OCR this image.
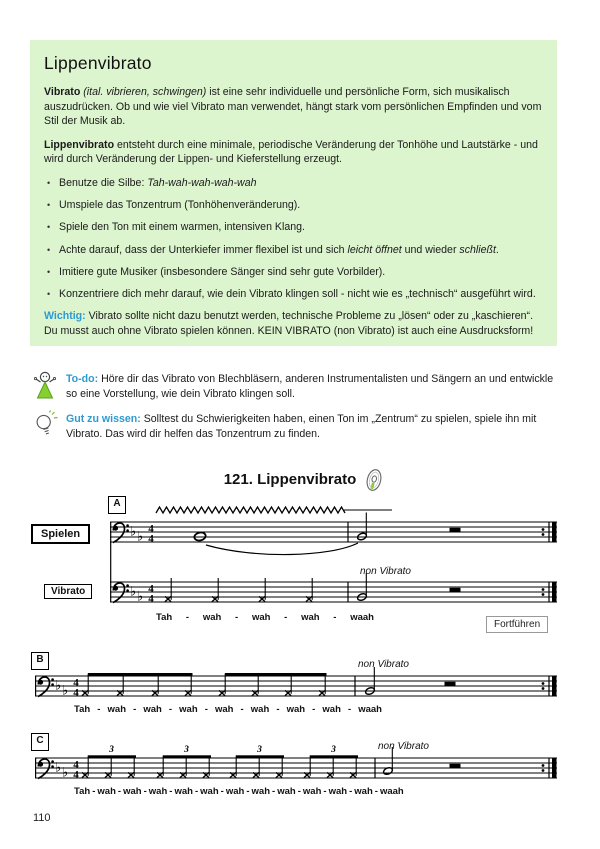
Lippenvibrato

Vibrato (ital. vibrieren, schwingen) ist eine sehr individuelle und persönliche Form, sich musikalisch auszudrücken. Ob und wie viel Vibrato man verwendet, hängt stark vom persönlichen Empfinden und vom Stil der Musik ab.

Lippenvibrato entsteht durch eine minimale, periodische Veränderung der Tonhöhe und Lautstärke - und wird durch Veränderung der Lippen- und Kieferstellung erzeugt.

• Benutze die Silbe: Tah-wah-wah-wah-wah
• Umspiele das Tonzentrum (Tonhöhenveränderung).
• Spiele den Ton mit einem warmen, intensiven Klang.
• Achte darauf, dass der Unterkiefer immer flexibel ist und sich leicht öffnet und wieder schließt.
• Imitiere gute Musiker (insbesondere Sänger sind sehr gute Vorbilder).
• Konzentriere dich mehr darauf, wie dein Vibrato klingen soll - nicht wie es „technisch“ ausgeführt wird.

Wichtig: Vibrato sollte nicht dazu benutzt werden, technische Probleme zu „lösen“ oder zu „kaschieren“. Du musst auch ohne Vibrato spielen können. KEIN VIBRATO (non Vibrato) ist auch eine Ausdrucksform!

To-do: Höre dir das Vibrato von Blechbläsern, anderen Instrumentalisten und Sängern an und entwickle so eine Vorstellung, wie dein Vibrato klingen soll.
Gut zu wissen: Solltest du Schwierigkeiten haben, einen Ton im „Zentrum“ zu spielen, spiele ihn mit Vibrato. Das wird dir helfen das Tonzentrum zu finden.
121. Lippenvibrato
♭ ♭
4
4
non Vibrato
non Vibrato
3	3	3	3	non Vibrato
A
Spielen
Vibrato
Fortführen
B
C
Tah - wah - wah - wah - waah
Tah - wah - wah - wah - wah - wah - wah - wah - waah
Tah - wah - wah - wah - wah - wah - wah - wah - wah - wah - wah - wah - waah
110
